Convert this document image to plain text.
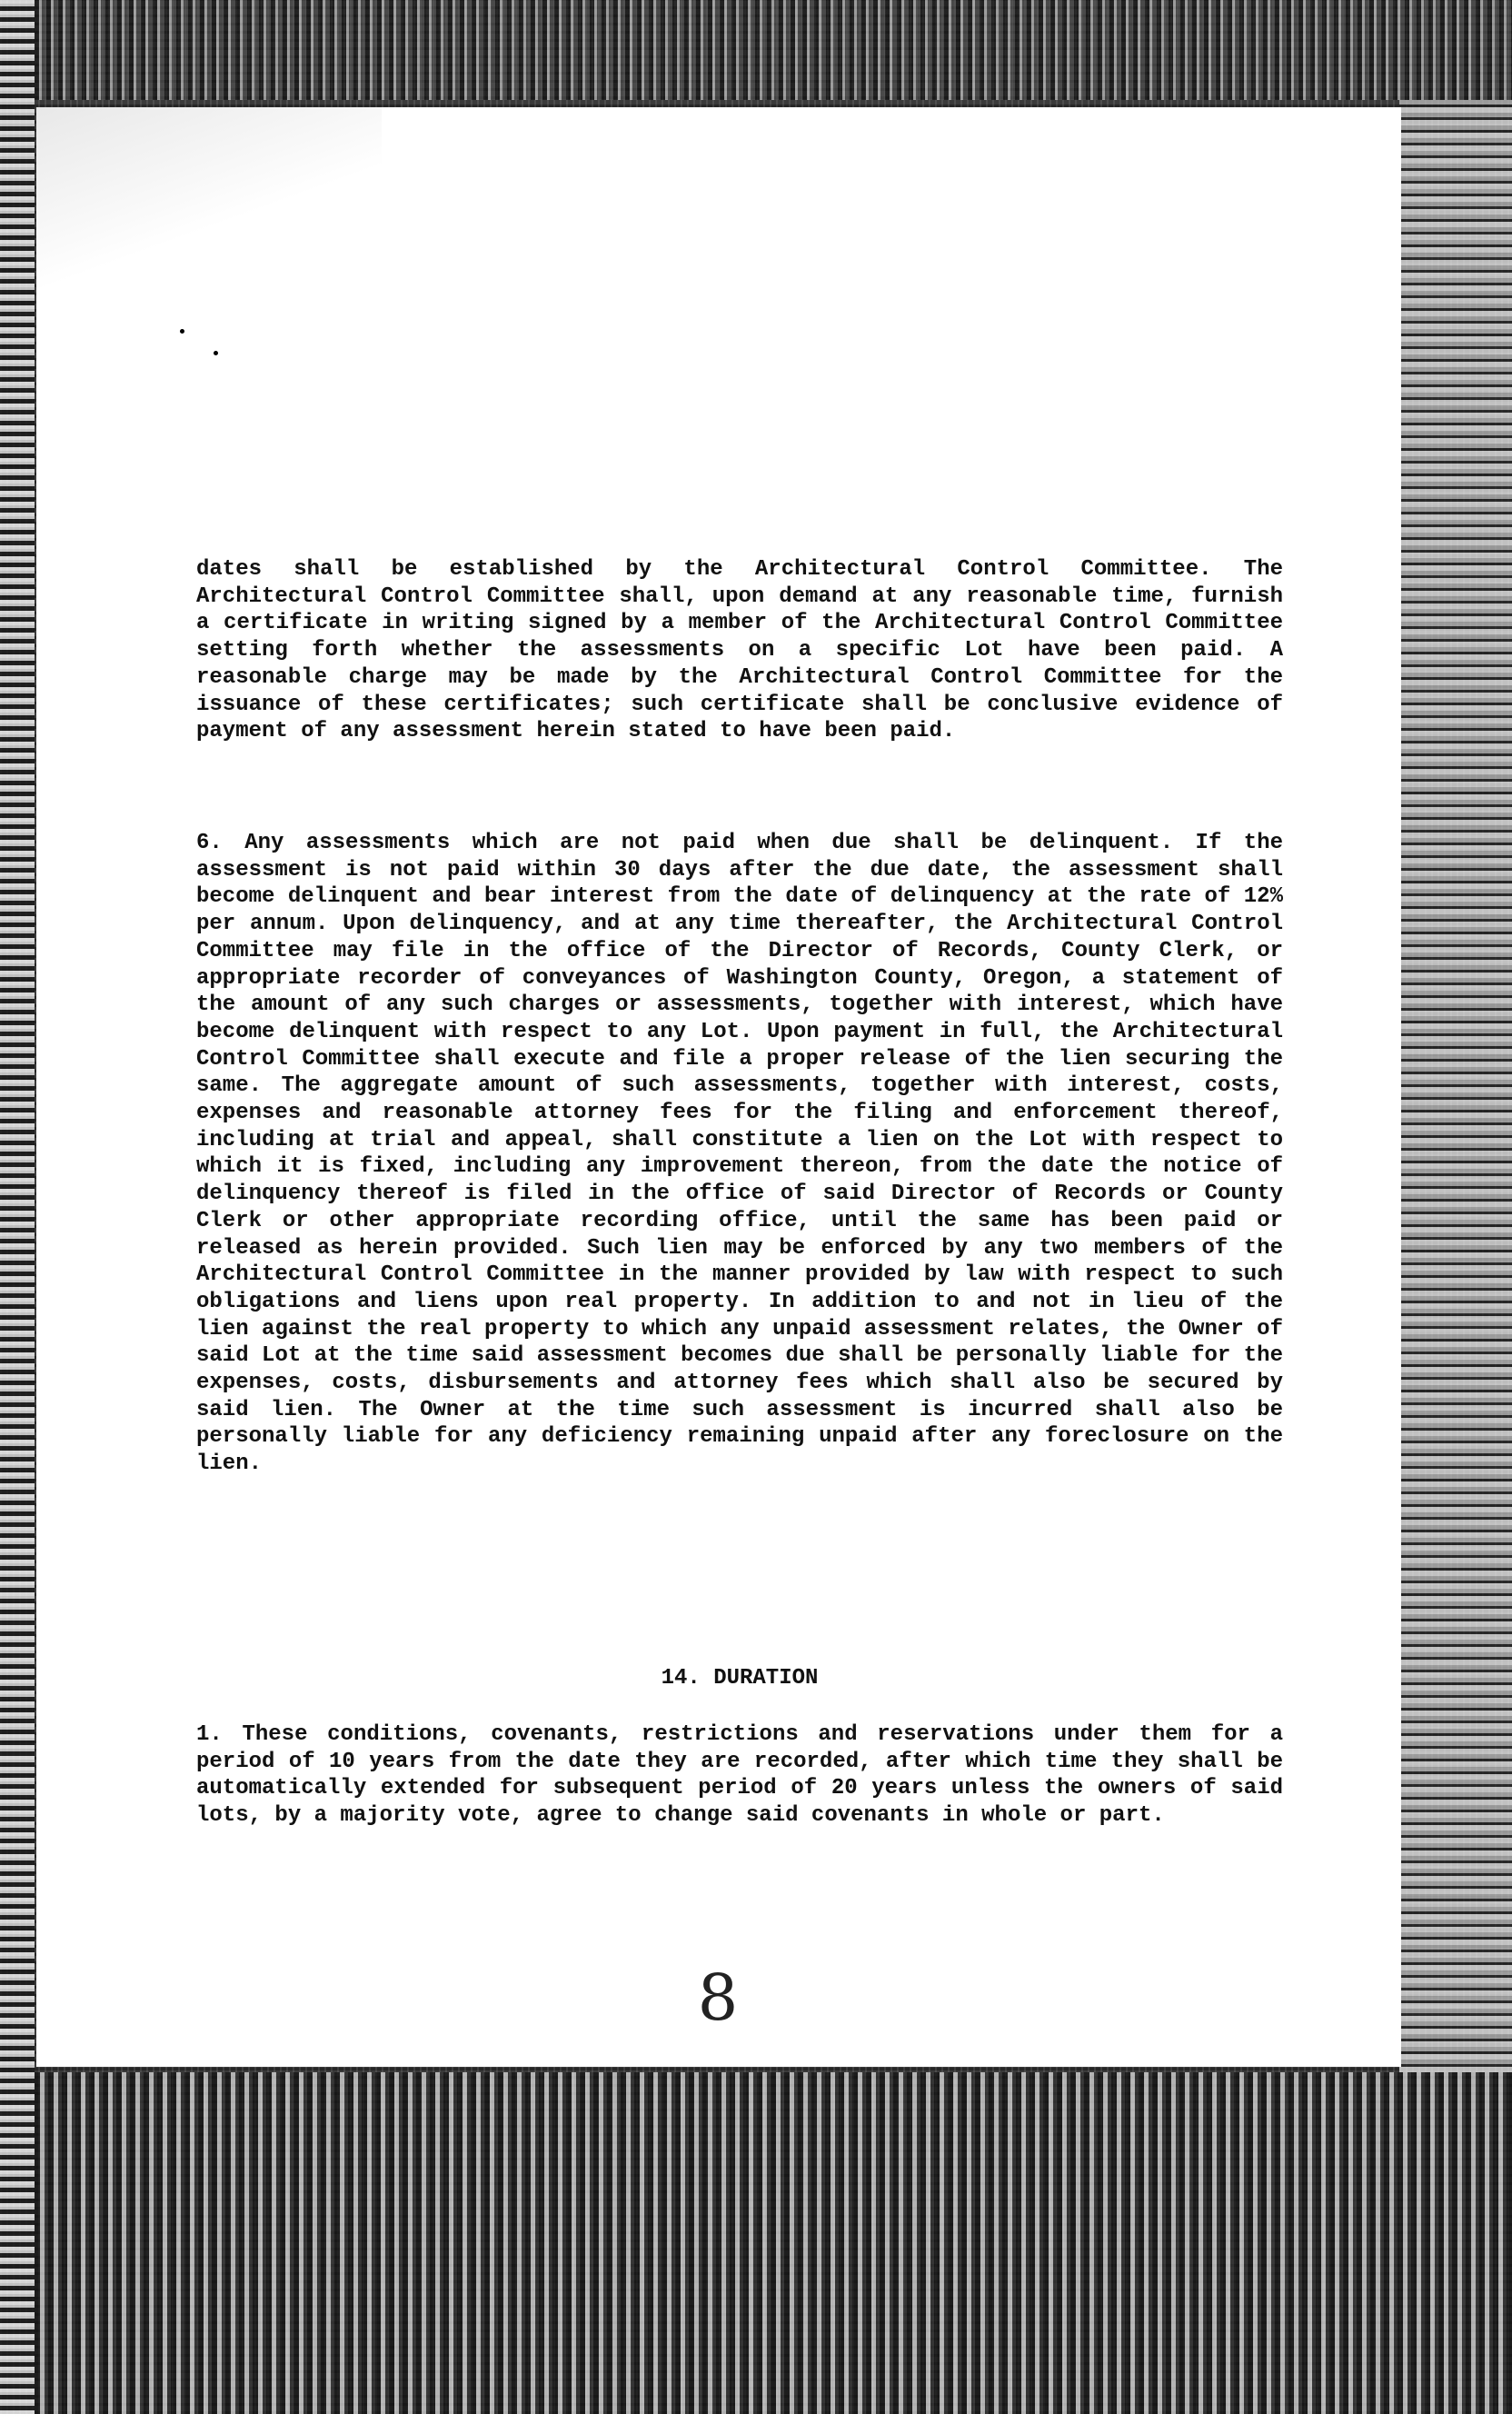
dates shall be established by the Architectural Control Committee. The Architectural Control Committee shall, upon demand at any reasonable time, furnish a certificate in writing signed by a member of the Architectural Control Committee setting forth whether the assessments on a specific Lot have been paid. A reasonable charge may be made by the Architectural Control Committee for the issuance of these certificates; such certificate shall be conclusive evidence of payment of any assessment herein stated to have been paid.

6. Any assessments which are not paid when due shall be delinquent. If the assessment is not paid within 30 days after the due date, the assessment shall become delinquent and bear interest from the date of delinquency at the rate of 12% per annum. Upon delinquency, and at any time thereafter, the Architectural Control Committee may file in the office of the Director of Records, County Clerk, or appropriate recorder of conveyances of Washington County, Oregon, a statement of the amount of any such charges or assessments, together with interest, which have become delinquent with respect to any Lot. Upon payment in full, the Architectural Control Committee shall execute and file a proper release of the lien securing the same. The aggregate amount of such assessments, together with interest, costs, expenses and reasonable attorney fees for the filing and enforcement thereof, including at trial and appeal, shall constitute a lien on the Lot with respect to which it is fixed, including any improvement thereon, from the date the notice of delinquency thereof is filed in the office of said Director of Records or County Clerk or other appropriate recording office, until the same has been paid or released as herein provided. Such lien may be enforced by any two members of the Architectural Control Committee in the manner provided by law with respect to such obligations and liens upon real property. In addition to and not in lieu of the lien against the real property to which any unpaid assessment relates, the Owner of said Lot at the time said assessment becomes due shall be personally liable for the expenses, costs, disbursements and attorney fees which shall also be secured by said lien. The Owner at the time such assessment is incurred shall also be personally liable for any deficiency remaining unpaid after any foreclosure on the lien.

14. DURATION

1. These conditions, covenants, restrictions and reservations under them for a period of 10 years from the date they are recorded, after which time they shall be automatically extended for subsequent period of 20 years unless the owners of said lots, by a majority vote, agree to change said covenants in whole or part.

8
